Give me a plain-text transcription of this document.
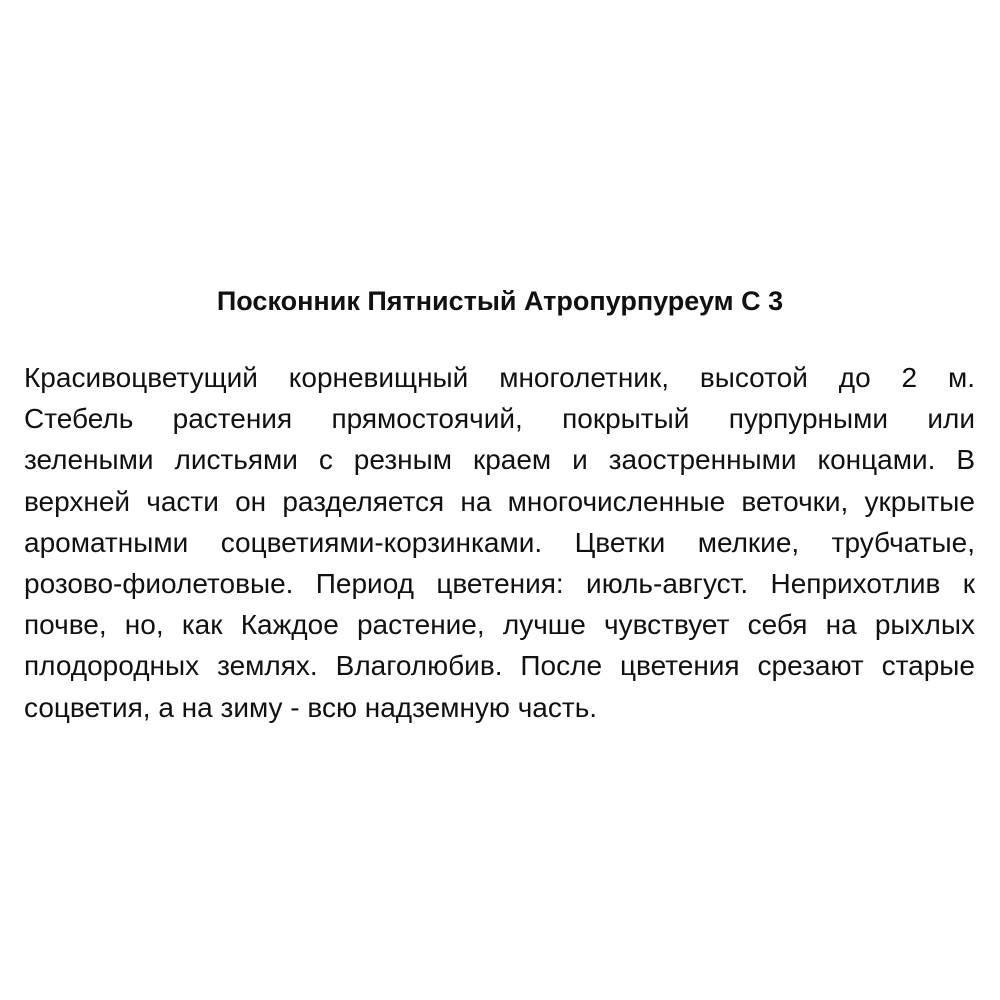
Посконник Пятнистый Атропурпуреум С 3
Красивоцветущий корневищный многолетник, высотой до 2 м.
Стебель растения прямостоячий, покрытый пурпурными или
зелеными листьями с резным краем и заостренными концами. В
верхней части он разделяется на многочисленные веточки, укрытые
ароматными соцветиями-корзинками. Цветки мелкие, трубчатые,
розово-фиолетовые. Период цветения: июль-август. Неприхотлив к
почве, но, как Каждое растение, лучше чувствует себя на рыхлых
плодородных землях. Влаголюбив. После цветения срезают старые
соцветия, а на зиму - всю надземную часть.
